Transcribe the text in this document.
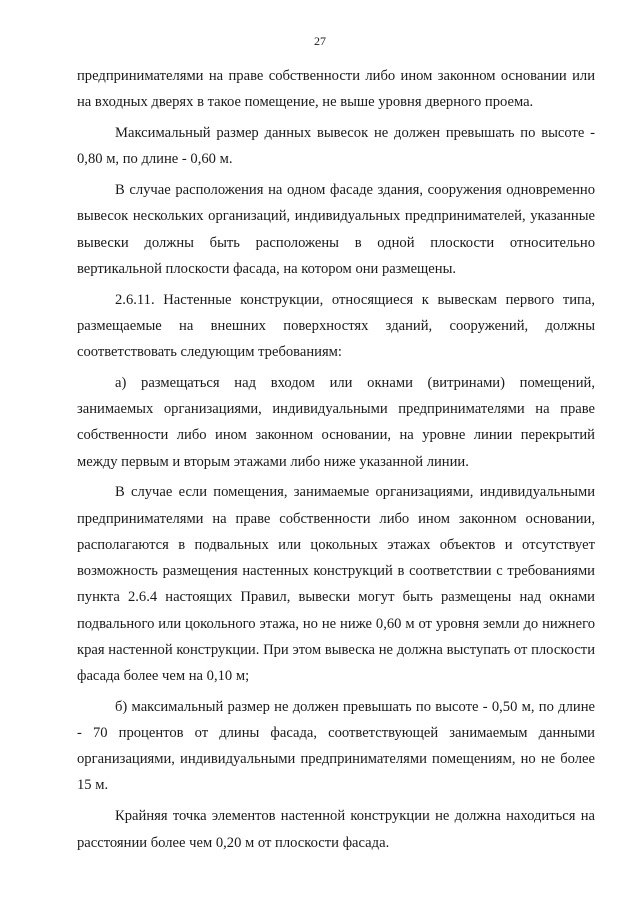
27

предпринимателями на праве собственности либо ином законном основании или на входных дверях в такое помещение, не выше уровня дверного проема.

Максимальный размер данных вывесок не должен превышать по высоте - 0,80 м, по длине - 0,60 м.

В случае расположения на одном фасаде здания, сооружения одновременно вывесок нескольких организаций, индивидуальных предпринимателей, указанные вывески должны быть расположены в одной плоскости относительно вертикальной плоскости фасада, на котором они размещены.

2.6.11. Настенные конструкции, относящиеся к вывескам первого типа, размещаемые на внешних поверхностях зданий, сооружений, должны соответствовать следующим требованиям:

а) размещаться над входом или окнами (витринами) помещений, занимаемых организациями, индивидуальными предпринимателями на праве собственности либо ином законном основании, на уровне линии перекрытий между первым и вторым этажами либо ниже указанной линии.

В случае если помещения, занимаемые организациями, индивидуальными предпринимателями на праве собственности либо ином законном основании, располагаются в подвальных или цокольных этажах объектов и отсутствует возможность размещения настенных конструкций в соответствии с требованиями пункта 2.6.4 настоящих Правил, вывески могут быть размещены над окнами подвального или цокольного этажа, но не ниже 0,60 м от уровня земли до нижнего края настенной конструкции. При этом вывеска не должна выступать от плоскости фасада более чем на 0,10 м;

б) максимальный размер не должен превышать по высоте - 0,50 м, по длине - 70 процентов от длины фасада, соответствующей занимаемым данными организациями, индивидуальными предпринимателями помещениям, но не более 15 м.

Крайняя точка элементов настенной конструкции не должна находиться на расстоянии более чем 0,20 м от плоскости фасада.
